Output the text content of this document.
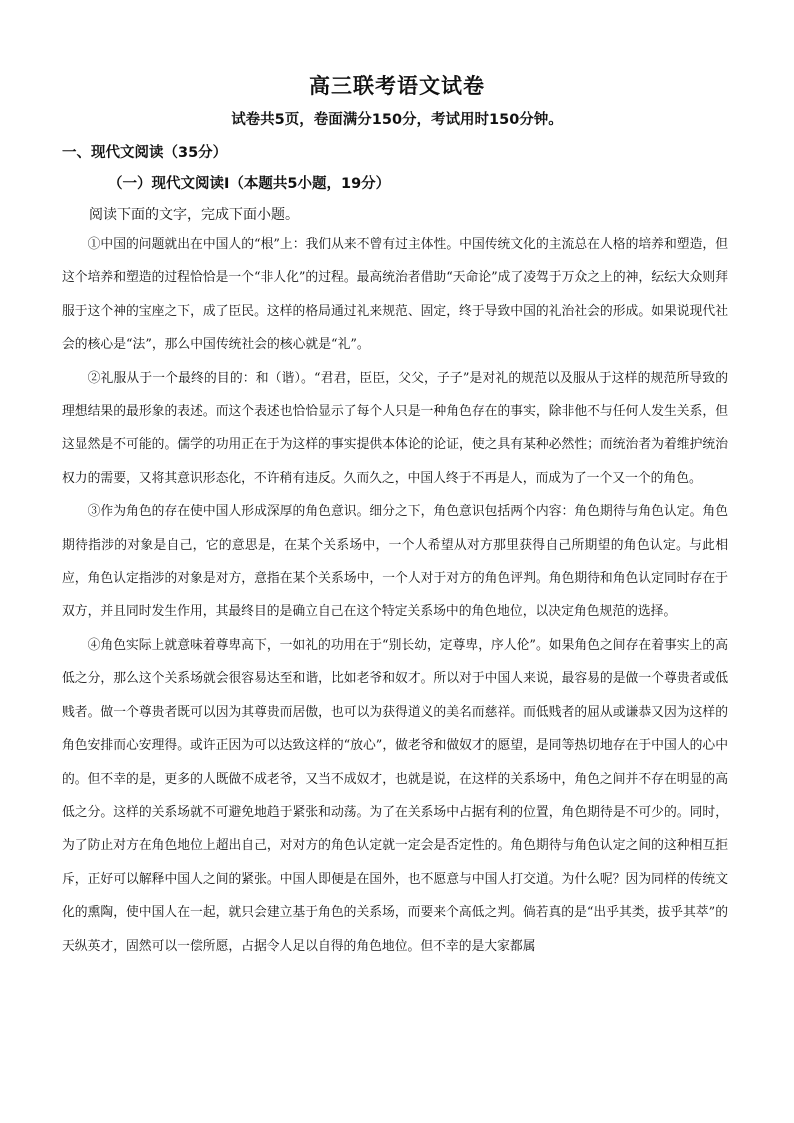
高三联考语文试卷
试卷共5页，卷面满分150分，考试用时150分钟。
一、现代文阅读（35分）
（一）现代文阅读Ⅰ（本题共5小题，19分）
阅读下面的文字，完成下面小题。

①中国的问题就出在中国人的“根”上：我们从来不曾有过主体性。中国传统文化的主流总在人格的培养和塑造，但这个培养和塑造的过程恰恰是一个“非人化”的过程。最高统治者借助“天命论”成了凌驾于万众之上的神，纭纭大众则拜服于这个神的宝座之下，成了臣民。这样的格局通过礼来规范、固定，终于导致中国的礼治社会的形成。如果说现代社会的核心是“法”，那么中国传统社会的核心就是“礼”。

②礼服从于一个最终的目的：和（谐）。“君君，臣臣，父父，子子”是对礼的规范以及服从于这样的规范所导致的理想结果的最形象的表述。而这个表述也恰恰显示了每个人只是一种角色存在的事实，除非他不与任何人发生关系，但这显然是不可能的。儒学的功用正在于为这样的事实提供本体论的论证，使之具有某种必然性；而统治者为着维护统治权力的需要，又将其意识形态化，不许稍有违反。久而久之，中国人终于不再是人，而成为了一个又一个的角色。

③作为角色的存在使中国人形成深厚的角色意识。细分之下，角色意识包括两个内容：角色期待与角色认定。角色期待指涉的对象是自己，它的意思是，在某个关系场中，一个人希望从对方那里获得自己所期望的角色认定。与此相应，角色认定指涉的对象是对方，意指在某个关系场中，一个人对于对方的角色评判。角色期待和角色认定同时存在于双方，并且同时发生作用，其最终目的是确立自己在这个特定关系场中的角色地位，以决定角色规范的选择。

④角色实际上就意味着尊卑高下，一如礼的功用在于“别长幼，定尊卑，序人伦”。如果角色之间存在着事实上的高低之分，那么这个关系场就会很容易达至和谐，比如老爷和奴才。所以对于中国人来说，最容易的是做一个尊贵者或低贱者。做一个尊贵者既可以因为其尊贵而居傲，也可以为获得道义的美名而慈祥。而低贱者的屈从或谦恭又因为这样的角色安排而心安理得。或许正因为可以达致这样的“放心”，做老爷和做奴才的愿望，是同等热切地存在于中国人的心中的。但不幸的是，更多的人既做不成老爷，又当不成奴才，也就是说，在这样的关系场中，角色之间并不存在明显的高低之分。这样的关系场就不可避免地趋于紧张和动荡。为了在关系场中占据有利的位置，角色期待是不可少的。同时，为了防止对方在角色地位上超出自己，对对方的角色认定就一定会是否定性的。角色期待与角色认定之间的这种相互拒斥，正好可以解释中国人之间的紧张。中国人即便是在国外，也不愿意与中国人打交道。为什么呢？因为同样的传统文化的熏陶，使中国人在一起，就只会建立基于角色的关系场，而要来个高低之判。倘若真的是“出乎其类，拔乎其萃”的天纵英才，固然可以一偿所愿，占据令人足以自得的角色地位。但不幸的是大家都属
